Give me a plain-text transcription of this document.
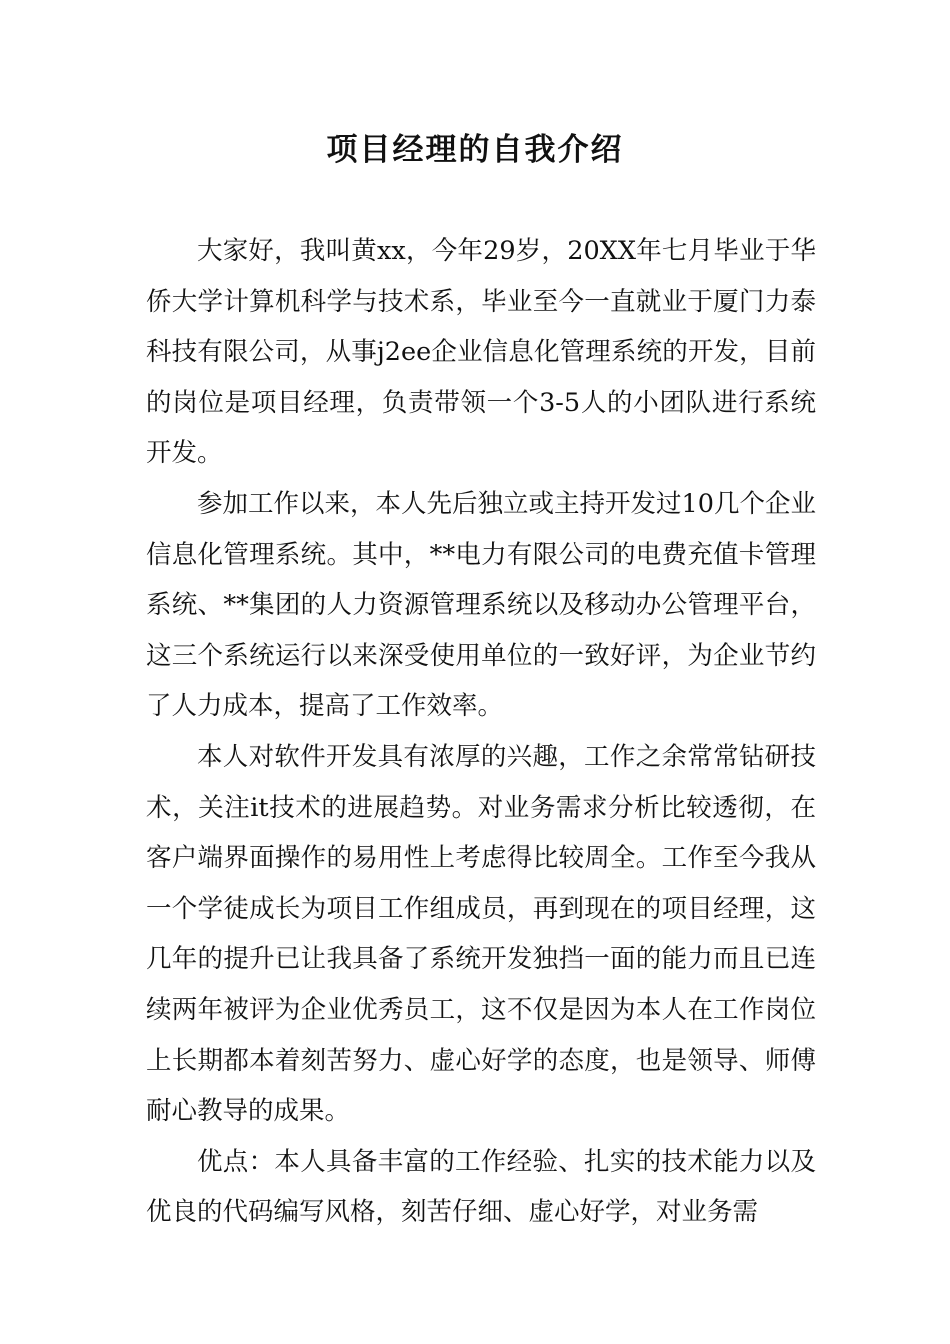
项目经理的自我介绍

大家好，我叫黄xx，今年29岁，20XX年七月毕业于华侨大学计算机科学与技术系，毕业至今一直就业于厦门力泰科技有限公司，从事j2ee企业信息化管理系统的开发，目前的岗位是项目经理，负责带领一个3-5人的小团队进行系统开发。

参加工作以来，本人先后独立或主持开发过10几个企业信息化管理系统。其中，**电力有限公司的电费充值卡管理系统、**集团的人力资源管理系统以及移动办公管理平台，这三个系统运行以来深受使用单位的一致好评，为企业节约了人力成本，提高了工作效率。

本人对软件开发具有浓厚的兴趣，工作之余常常钻研技术，关注it技术的进展趋势。对业务需求分析比较透彻，在客户端界面操作的易用性上考虑得比较周全。工作至今我从一个学徒成长为项目工作组成员，再到现在的项目经理，这几年的提升已让我具备了系统开发独挡一面的能力而且已连续两年被评为企业优秀员工，这不仅是因为本人在工作岗位上长期都本着刻苦努力、虚心好学的态度，也是领导、师傅耐心教导的成果。

优点：本人具备丰富的工作经验、扎实的技术能力以及优良的代码编写风格，刻苦仔细、虚心好学，对业务需
